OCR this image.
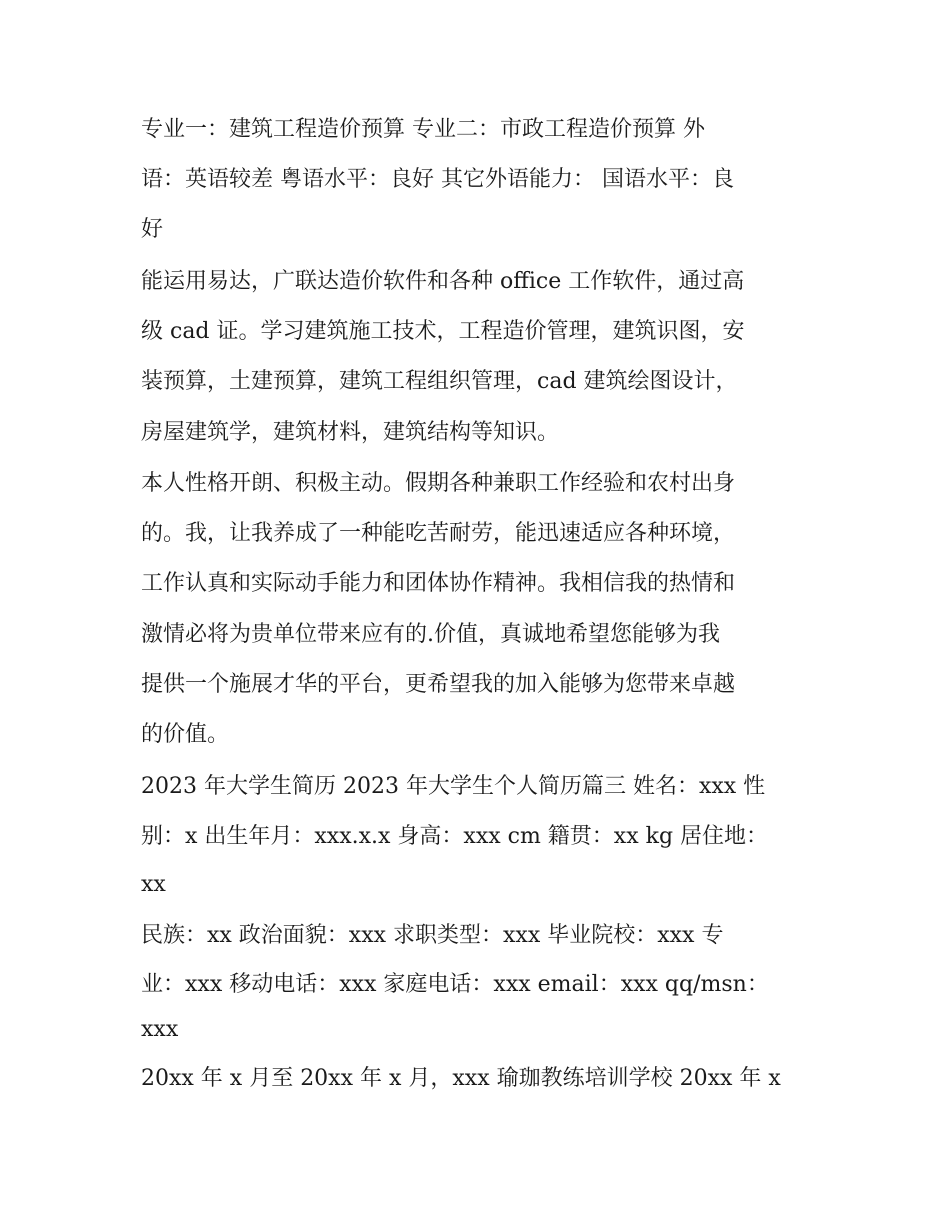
专业一：建筑工程造价预算 专业二：市政工程造价预算 外
语：英语较差 粤语水平：良好 其它外语能力： 国语水平：良
好
能运用易达，广联达造价软件和各种 office 工作软件，通过高
级 cad 证。学习建筑施工技术，工程造价管理，建筑识图，安
装预算，土建预算，建筑工程组织管理，cad 建筑绘图设计，
房屋建筑学，建筑材料，建筑结构等知识。
本人性格开朗、积极主动。假期各种兼职工作经验和农村出身
的。我，让我养成了一种能吃苦耐劳，能迅速适应各种环境，
工作认真和实际动手能力和团体协作精神。我相信我的热情和
激情必将为贵单位带来应有的.价值，真诚地希望您能够为我
提供一个施展才华的平台，更希望我的加入能够为您带来卓越
的价值。
2023 年大学生简历 2023 年大学生个人简历篇三 姓名：xxx 性
别：x 出生年月：xxx.x.x 身高：xxx cm 籍贯：xx kg 居住地：
xx
民族：xx 政治面貌：xxx 求职类型：xxx 毕业院校：xxx 专
业：xxx 移动电话：xxx 家庭电话：xxx email：xxx qq/msn：
xxx
20xx 年 x 月至 20xx 年 x 月，xxx 瑜珈教练培训学校 20xx 年 x
